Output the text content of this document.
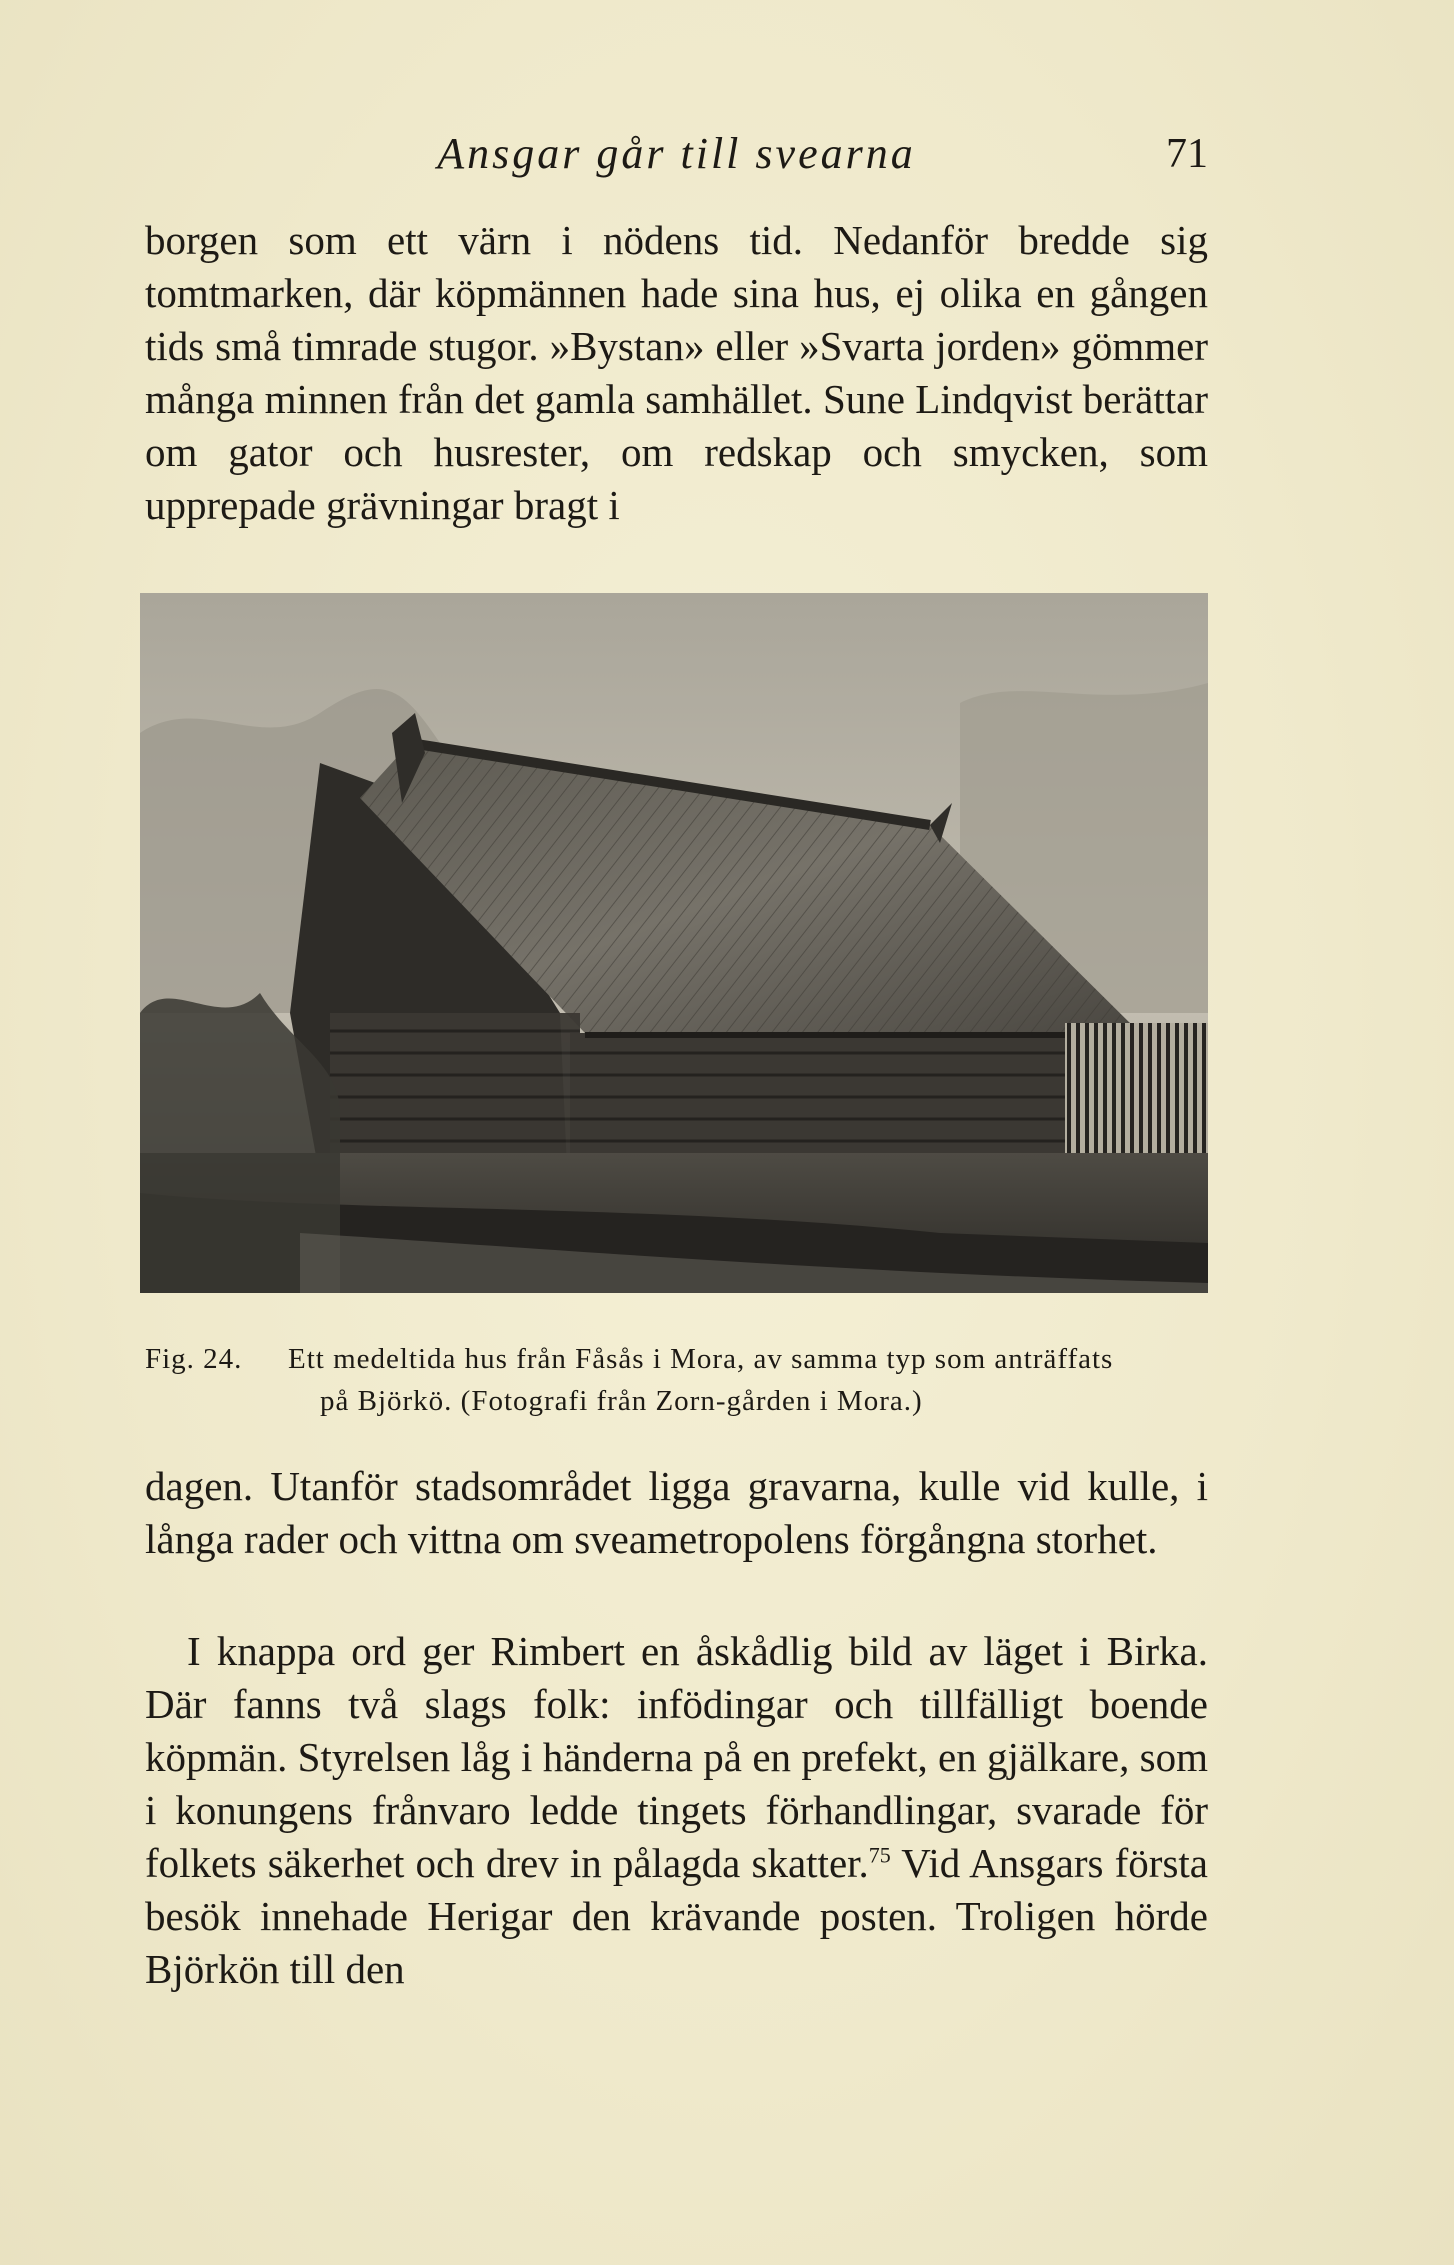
Ansgar går till svearna	71

borgen som ett värn i nödens tid. Nedanför bredde sig tomtmarken, där köpmännen hade sina hus, ej olika en gången tids små timrade stugor. »Bystan» eller »Svarta jorden» gömmer många minnen från det gamla samhället. Sune Lindqvist berättar om gator och husrester, om redskap och smycken, som upprepade grävningar bragt i

Fig. 24. Ett medeltida hus från Fåsås i Mora, av samma typ som anträffats
på Björkö. (Fotografi från Zorn-gården i Mora.)

dagen. Utanför stadsområdet ligga gravarna, kulle vid kulle, i långa rader och vittna om sveametropolens förgångna storhet.

I knappa ord ger Rimbert en åskådlig bild av läget i Birka. Där fanns två slags folk: infödingar och tillfälligt boende köpmän. Styrelsen låg i händerna på en prefekt, en gjälkare, som i konungens frånvaro ledde tingets förhandlingar, svarade för folkets säkerhet och drev in pålagda skatter.$^{75}$ Vid Ansgars första besök innehade Herigar den krävande posten. Troligen hörde Björkön till den
